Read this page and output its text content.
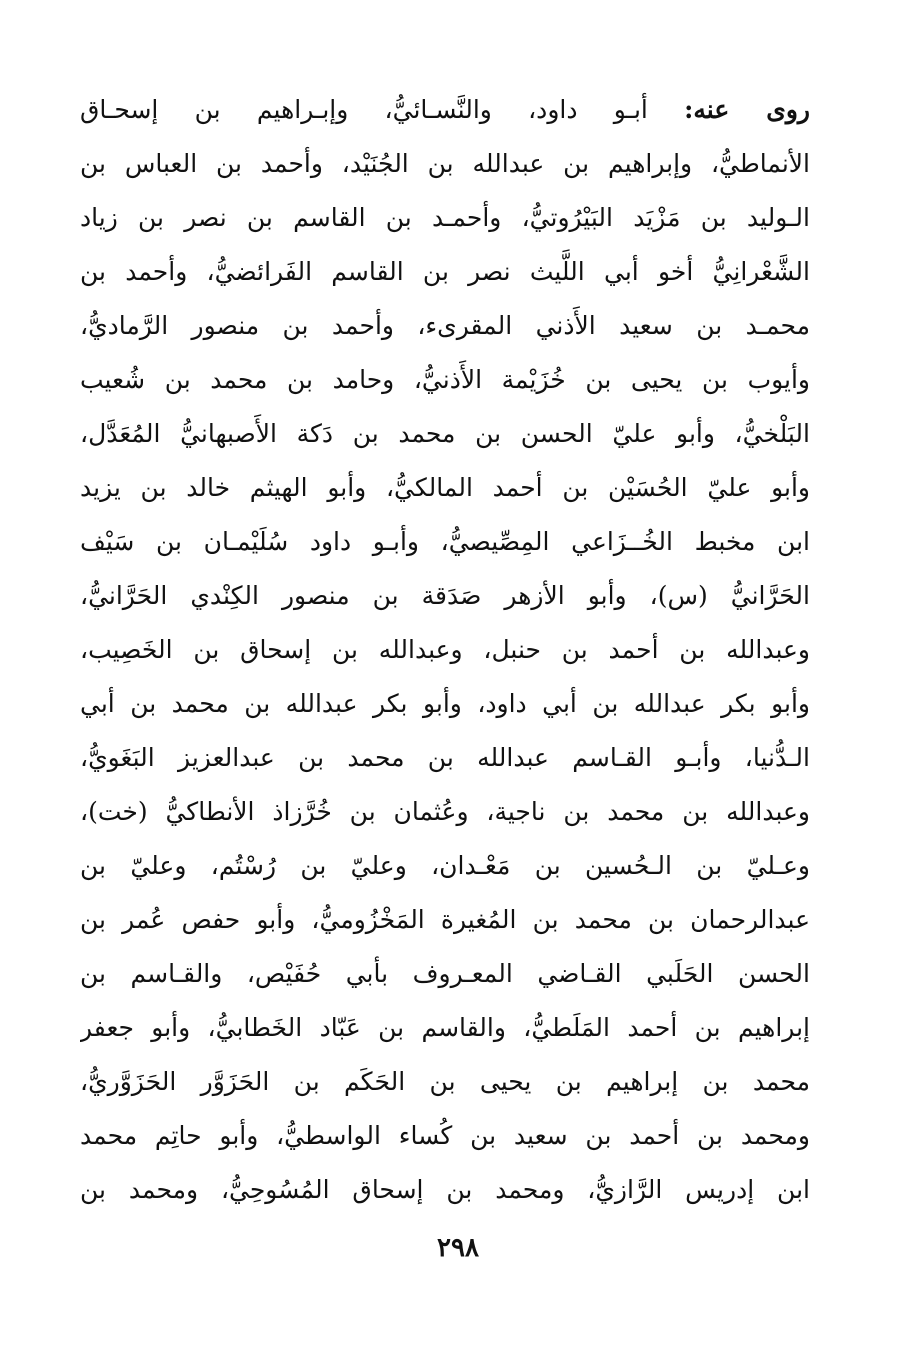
روى عنه: أبـو داود، والنَّسـائيُّ، وإبـراهيم بن إسحـاق
الأنماطيُّ، وإبراهيم بن عبدالله بن الجُنَيْد، وأحمد بن العباس بن
الـوليد بن مَزْيَد البَيْرُوتيُّ، وأحمـد بن القاسم بن نصر بن زياد
الشَّعْرانِيُّ أخو أبي اللَّيث نصر بن القاسم الفَرائضيُّ، وأحمد بن
محمـد بن سعيد الأَذني المقرىء، وأحمد بن منصور الرَّماديُّ،
وأيوب بن يحيى بن خُزَيْمة الأَذنيُّ، وحامد بن محمد بن شُعيب
البَلْخيُّ، وأبو عليّ الحسن بن محمد بن دَكة الأَصبهانيُّ المُعَدَّل،
وأبو عليّ الحُسَيْن بن أحمد المالكيُّ، وأبو الهيثم خالد بن يزيد
ابن مخبط الخُــزَاعي المِصِّيصيُّ، وأبـو داود سُلَيْمـان بن سَيْف
الحَرَّانيُّ (س)، وأبو الأزهر صَدَقة بن منصور الكِنْدي الحَرَّانيُّ،
وعبدالله بن أحمد بن حنبل، وعبدالله بن إسحاق بن الخَصِيب،
وأبو بكر عبدالله بن أبي داود، وأبو بكر عبدالله بن محمد بن أبي
الـدُّنيا، وأبـو القـاسم عبدالله بن محمد بن عبدالعزيز البَغَويُّ،
وعبدالله بن محمد بن ناجية، وعُثمان بن خُرَّزاذ الأنطاكيُّ (خت)،
وعـليّ بن الـحُسين بن مَعْـدان، وعليّ بن رُسْتُم، وعليّ بن
عبدالرحمان بن محمد بن المُغيرة المَخْزُوميُّ، وأبو حفص عُمر بن
الحسن الحَلَبي القـاضي المعـروف بأبي حُفَيْص، والقـاسم بن
إبراهيم بن أحمد المَلَطيُّ، والقاسم بن عَبّاد الخَطابيُّ، وأبو جعفر
محمد بن إبراهيم بن يحيى بن الحَكَم بن الحَزَوَّر الحَزَوَّريُّ،
ومحمد بن أحمد بن سعيد بن كُساء الواسطيُّ، وأبو حاتِم محمد
ابن إدريس الرَّازيُّ، ومحمد بن إسحاق المُسُوحِيُّ، ومحمد بن
٢٩٨
